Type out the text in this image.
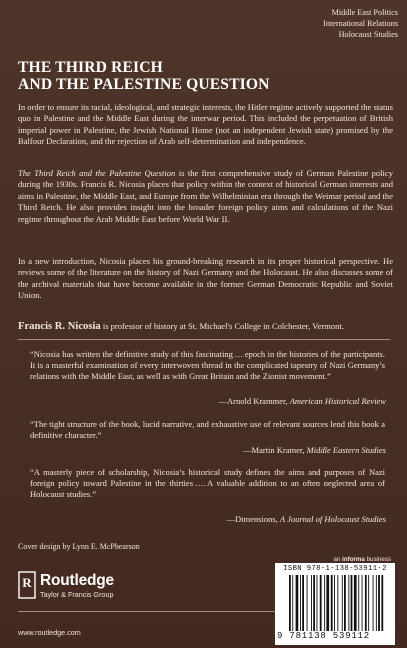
Middle East Politics
International Relations
Holocaust Studies
THE THIRD REICH
AND THE PALESTINE QUESTION

In order to ensure its racial, ideological, and strategic interests, the Hitler regime actively supported the status quo in Palestine and the Middle East during the interwar period. This included the perpetuation of British imperial power in Palestine, the Jewish National Home (not an independent Jewish state) promised by the Balfour Declaration, and the rejection of Arab self-determination and independence.

The Third Reich and the Palestine Question is the first comprehensive study of German Palestine policy during the 1930s. Francis R. Nicosia places that policy within the context of historical German interests and aims in Palestine, the Middle East, and Europe from the Wilhelminian era through the Weimar period and the Third Reich. He also provides insight into the broader foreign policy aims and calculations of the Nazi regime throughout the Arab Middle East before World War II.

In a new introduction, Nicosia places his ground-breaking research in its proper historical perspective. He reviews some of the literature on the history of Nazi Germany and the Holocaust. He also discusses some of the archival materials that have become available in the former German Democratic Republic and Soviet Union.

Francis R. Nicosia is professor of history at St. Michael's College in Colchester, Vermont.

“Nicosia has written the definitive study of this fascinating … epoch in the histories of the participants. It is a masterful examination of every interwoven thread in the complicated tapestry of Nazi Germany’s relations with the Middle East, as well as with Great Britain and the Zionist movement.”

—Arnold Krammer, American Historical Review

“The tight structure of the book, lucid narrative, and exhaustive use of relevant sources lend this book a definitive character.”

—Martin Kramer, Middle Eastern Studies

“A masterly piece of scholarship, Nicosia’s historical study defines the aims and purposes of Nazi foreign policy toward Palestine in the thirties …. A valuable addition to an often neglected area of Holocaust studies.”

—Dimensions, A Journal of Holocaust Studies
Cover design by Lynn E. McPhearson
R Routledge
Taylor & Francis Group
www.routledge.com
an informa business
ISBN 978-1-138-53911-2
9 781138 539112
